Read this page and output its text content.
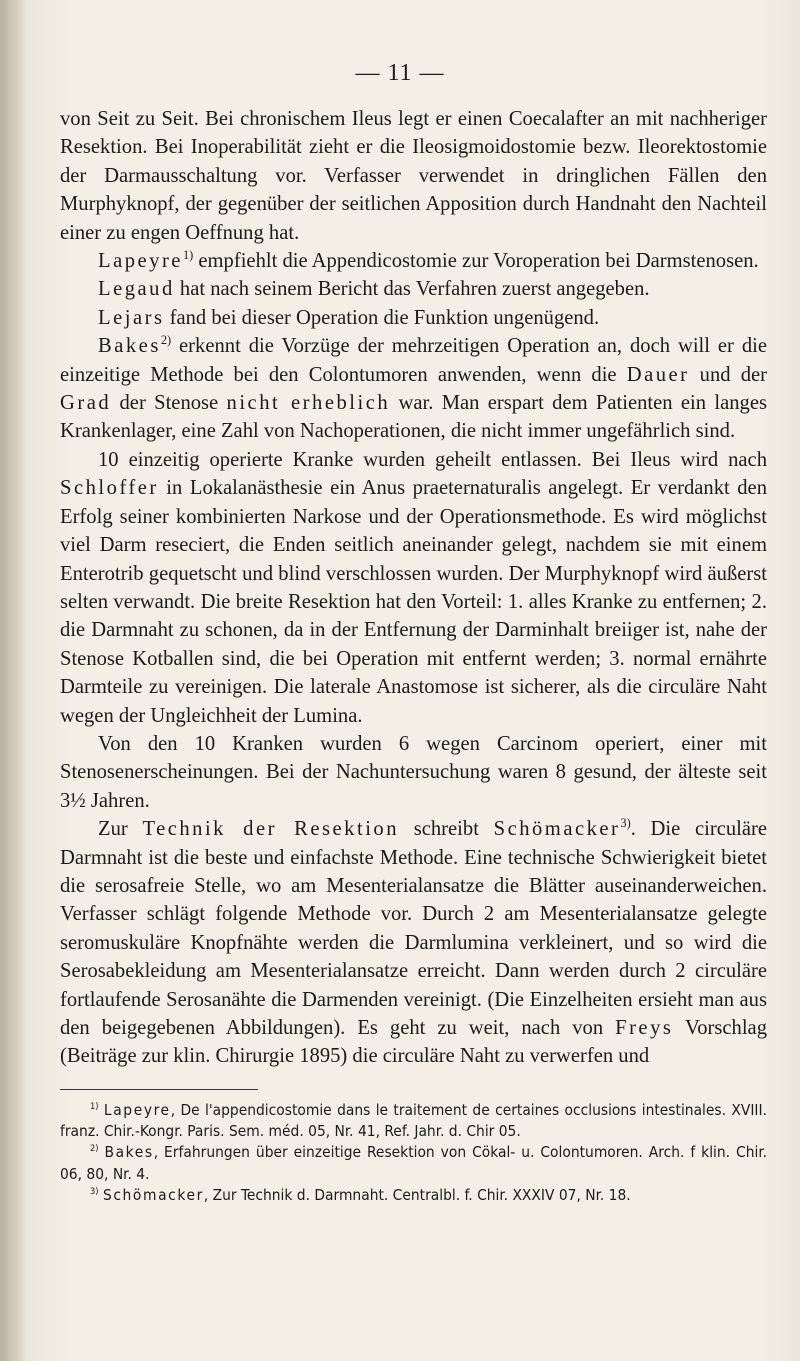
— 11 —

von Seit zu Seit. Bei chronischem Ileus legt er einen Coecalafter an mit nachheriger Resektion. Bei Inoperabilität zieht er die Ileosigmoidostomie bezw. Ileorektostomie der Darmausschaltung vor. Verfasser verwendet in dringlichen Fällen den Murphyknopf, der gegenüber der seitlichen Apposition durch Handnaht den Nachteil einer zu engen Oeffnung hat.

Lapeyre$^{1)}$ empfiehlt die Appendicostomie zur Voroperation bei Darmstenosen.

Legaud hat nach seinem Bericht das Verfahren zuerst angegeben.

Lejars fand bei dieser Operation die Funktion ungenügend.

Bakes$^{2)}$ erkennt die Vorzüge der mehrzeitigen Operation an, doch will er die einzeitige Methode bei den Colontumoren anwenden, wenn die Dauer und der Grad der Stenose nicht erheblich war. Man erspart dem Patienten ein langes Krankenlager, eine Zahl von Nachoperationen, die nicht immer ungefährlich sind.

10 einzeitig operierte Kranke wurden geheilt entlassen. Bei Ileus wird nach Schloffer in Lokalanästhesie ein Anus praeternaturalis angelegt. Er verdankt den Erfolg seiner kombinierten Narkose und der Operationsmethode. Es wird möglichst viel Darm reseciert, die Enden seitlich aneinander gelegt, nachdem sie mit einem Enterotrib gequetscht und blind verschlossen wurden. Der Murphyknopf wird äußerst selten verwandt. Die breite Resektion hat den Vorteil: 1. alles Kranke zu entfernen; 2. die Darmnaht zu schonen, da in der Entfernung der Darminhalt breiiger ist, nahe der Stenose Kotballen sind, die bei Operation mit entfernt werden; 3. normal ernährte Darmteile zu vereinigen. Die laterale Anastomose ist sicherer, als die circuläre Naht wegen der Ungleichheit der Lumina.

Von den 10 Kranken wurden 6 wegen Carcinom operiert, einer mit Stenosenerscheinungen. Bei der Nachuntersuchung waren 8 gesund, der älteste seit 3½ Jahren.

Zur Technik der Resektion schreibt Schömacker$^{3)}$. Die circuläre Darmnaht ist die beste und einfachste Methode. Eine technische Schwierigkeit bietet die serosafreie Stelle, wo am Mesenterialansatze die Blätter auseinanderweichen. Verfasser schlägt folgende Methode vor. Durch 2 am Mesenterialansatze gelegte seromuskuläre Knopfnähte werden die Darmlumina verkleinert, und so wird die Serosabekleidung am Mesenterialansatze erreicht. Dann werden durch 2 circuläre fortlaufende Serosanähte die Darmenden vereinigt. (Die Einzelheiten ersieht man aus den beigegebenen Abbildungen). Es geht zu weit, nach von Freys Vorschlag (Beiträge zur klin. Chirurgie 1895) die circuläre Naht zu verwerfen und

$^{1)}$ Lapeyre, De l'appendicostomie dans le traitement de certaines occlusions intestinales. XVIII. franz. Chir.-Kongr. Paris. Sem. méd. 05, Nr. 41, Ref. Jahr. d. Chir 05.

$^{2)}$ Bakes, Erfahrungen über einzeitige Resektion von Cökal- u. Colontumoren. Arch. f klin. Chir. 06, 80, Nr. 4.

$^{3)}$ Schömacker, Zur Technik d. Darmnaht. Centralbl. f. Chir. XXXIV 07, Nr. 18.
